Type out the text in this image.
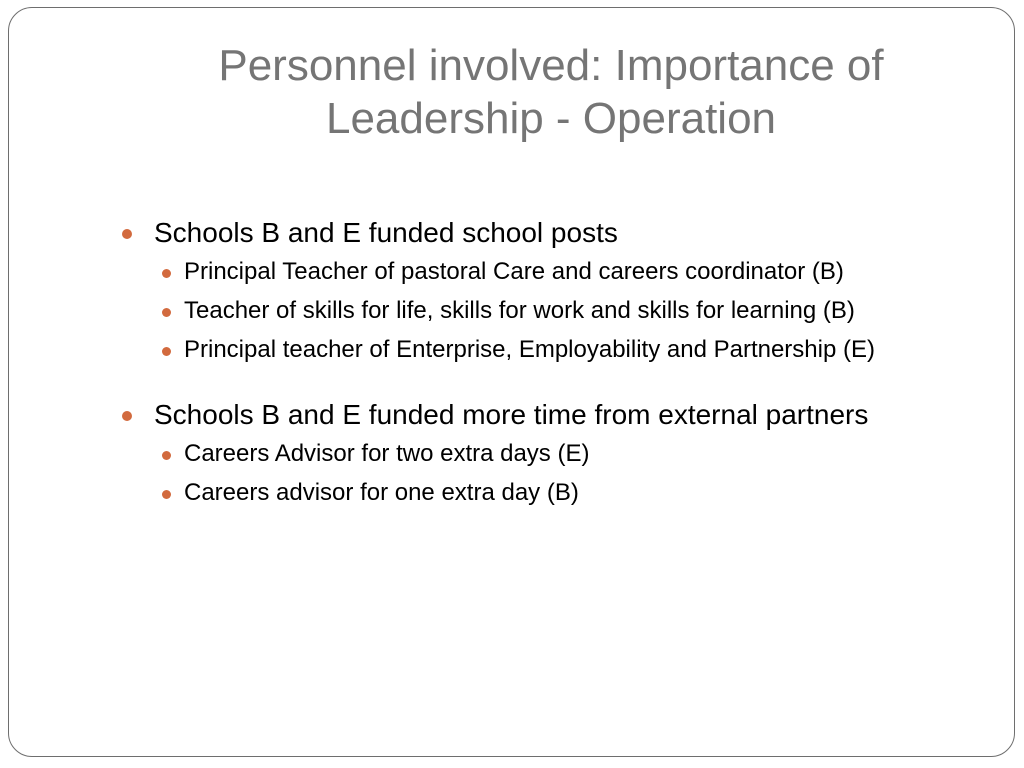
Personnel involved: Importance of Leadership - Operation
Schools B and E funded school posts
Principal Teacher of pastoral Care and careers coordinator (B)
Teacher of skills for life, skills for work and skills for learning (B)
Principal teacher of Enterprise, Employability and Partnership (E)
Schools B and E funded more time from external partners
Careers Advisor for two extra days (E)
Careers advisor for one extra day (B)
